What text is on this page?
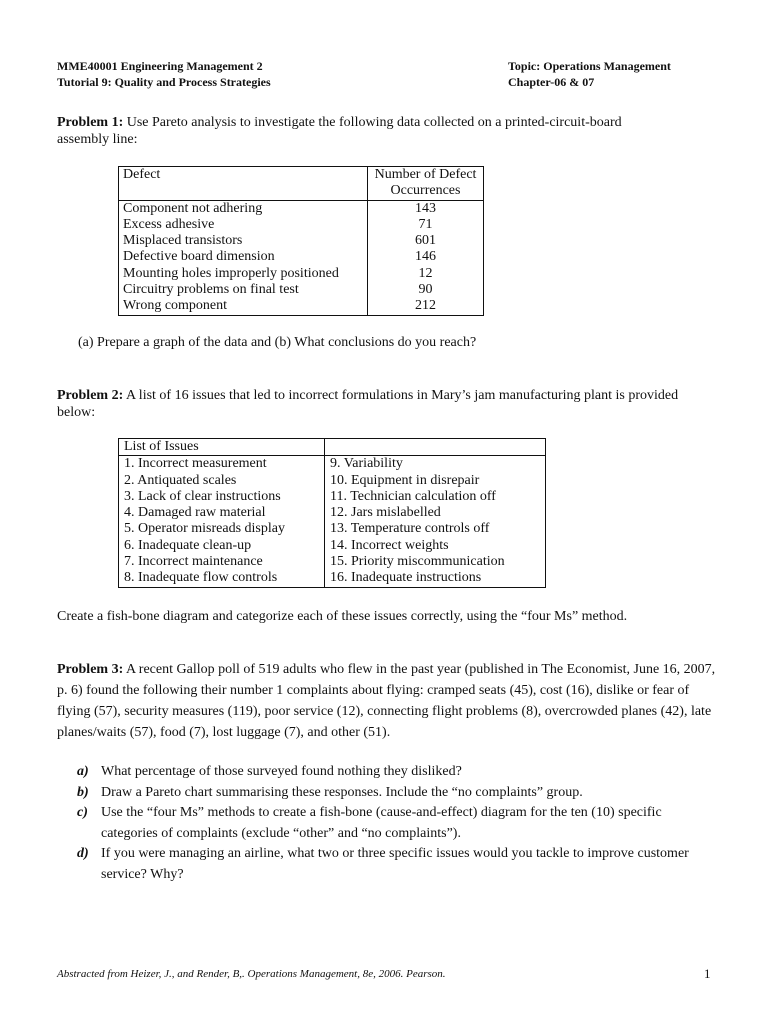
MME40001 Engineering Management 2
Tutorial 9: Quality and Process Strategies
Topic: Operations Management
Chapter-06 & 07
Problem 1: Use Pareto analysis to investigate the following data collected on a printed-circuit-board assembly line:
Defect	Number of Defect
Occurrences

Component not adhering	143
Excess adhesive	71
Misplaced transistors	601
Defective board dimension	146
Mounting holes improperly positioned	12
Circuitry problems on final test	90
Wrong component	212
(a) Prepare a graph of the data and (b) What conclusions do you reach?
Problem 2: A list of 16 issues that led to incorrect formulations in Mary’s jam manufacturing plant is provided below:
List of Issues	
1. Incorrect measurement	9. Variability
2. Antiquated scales	10. Equipment in disrepair
3. Lack of clear instructions	11. Technician calculation off
4. Damaged raw material	12. Jars mislabelled
5. Operator misreads display	13. Temperature controls off
6. Inadequate clean-up	14. Incorrect weights
7. Incorrect maintenance	15. Priority miscommunication
8. Inadequate flow controls	16. Inadequate instructions
Create a fish-bone diagram and categorize each of these issues correctly, using the “four Ms” method.
Problem 3: A recent Gallop poll of 519 adults who flew in the past year (published in The Economist, June 16, 2007, p. 6) found the following their number 1 complaints about flying: cramped seats (45), cost (16), dislike or fear of flying (57), security measures (119), poor service (12), connecting flight problems (8), overcrowded planes (42), late planes/waits (57), food (7), lost luggage (7), and other (51).
a) What percentage of those surveyed found nothing they disliked?
b) Draw a Pareto chart summarising these responses. Include the “no complaints” group.
c) Use the “four Ms” methods to create a fish-bone (cause-and-effect) diagram for the ten (10) specific categories of complaints (exclude “other” and “no complaints”).
d) If you were managing an airline, what two or three specific issues would you tackle to improve customer service? Why?
Abstracted from Heizer, J., and Render, B,. Operations Management, 8e, 2006. Pearson.	1
